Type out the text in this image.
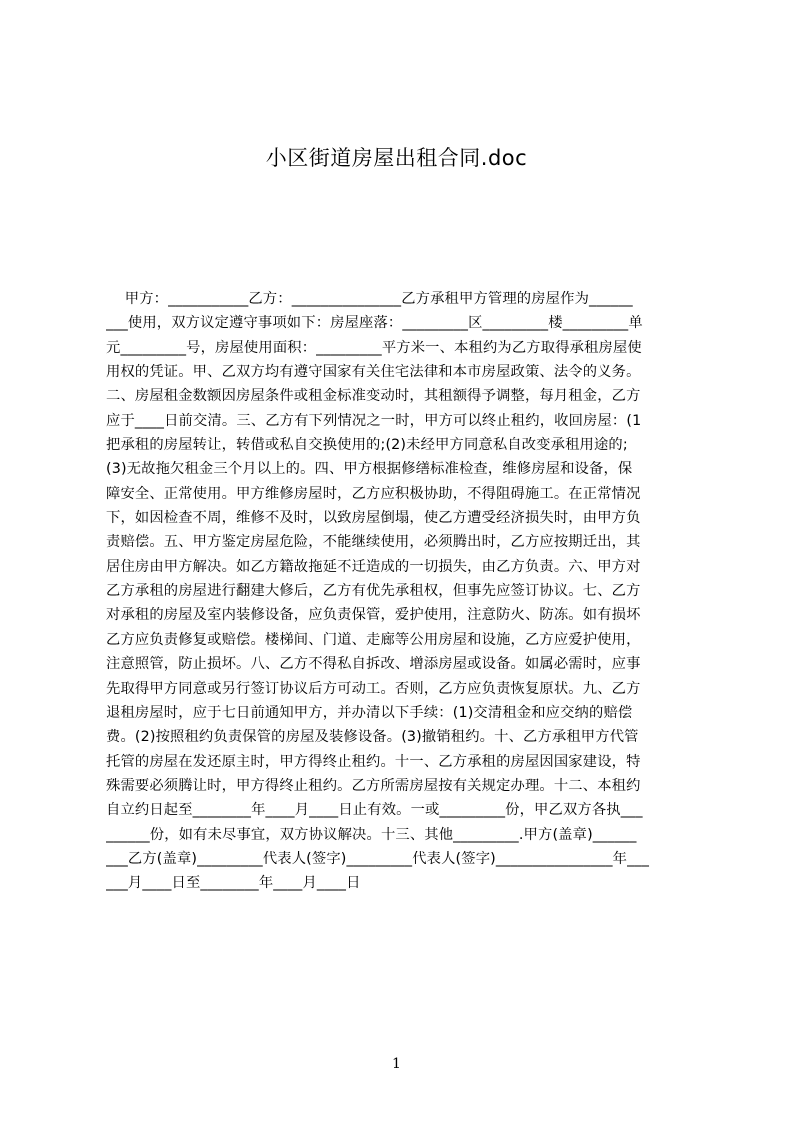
小区街道房屋出租合同.doc
甲方：___________乙方：_______________乙方承租甲方管理的房屋作为______
___使用，双方议定遵守事项如下：房屋座落：_________区_________楼_________单
元_________号，房屋使用面积：_________平方米一、本租约为乙方取得承租房屋使
用权的凭证。甲、乙双方均有遵守国家有关住宅法律和本市房屋政策、法令的义务。
二、房屋租金数额因房屋条件或租金标准变动时，其租额得予调整，每月租金，乙方
应于____日前交清。三、乙方有下列情况之一时，甲方可以终止租约，收回房屋：(1
把承租的房屋转让，转借或私自交换使用的;(2)未经甲方同意私自改变承租用途的;
(3)无故拖欠租金三个月以上的。四、甲方根据修缮标准检查，维修房屋和设备，保
障安全、正常使用。甲方维修房屋时，乙方应积极协助，不得阻碍施工。在正常情况
下，如因检查不周，维修不及时，以致房屋倒塌，使乙方遭受经济损失时，由甲方负
责赔偿。五、甲方鉴定房屋危险，不能继续使用，必须腾出时，乙方应按期迁出，其
居住房由甲方解决。如乙方籍故拖延不迁造成的一切损失，由乙方负责。六、甲方对
乙方承租的房屋进行翻建大修后，乙方有优先承租权，但事先应签订协议。七、乙方
对承租的房屋及室内装修设备，应负责保管，爱护使用，注意防火、防冻。如有损坏
乙方应负责修复或赔偿。楼梯间、门道、走廊等公用房屋和设施，乙方应爱护使用，
注意照管，防止损坏。八、乙方不得私自拆改、增添房屋或设备。如属必需时，应事
先取得甲方同意或另行签订协议后方可动工。否则，乙方应负责恢复原状。九、乙方
退租房屋时，应于七日前通知甲方，并办清以下手续：(1)交清租金和应交纳的赔偿
费。(2)按照租约负责保管的房屋及装修设备。(3)撤销租约。十、乙方承租甲方代管
托管的房屋在发还原主时，甲方得终止租约。十一、乙方承租的房屋因国家建设，特
殊需要必须腾让时，甲方得终止租约。乙方所需房屋按有关规定办理。十二、本租约
自立约日起至________年____月____日止有效。一或_________份，甲乙双方各执___
______份，如有未尽事宜，双方协议解决。十三、其他_________.甲方(盖章)______
___乙方(盖章)_________代表人(签字)_________代表人(签字)________________年___
___月____日至________年____月____日
1
